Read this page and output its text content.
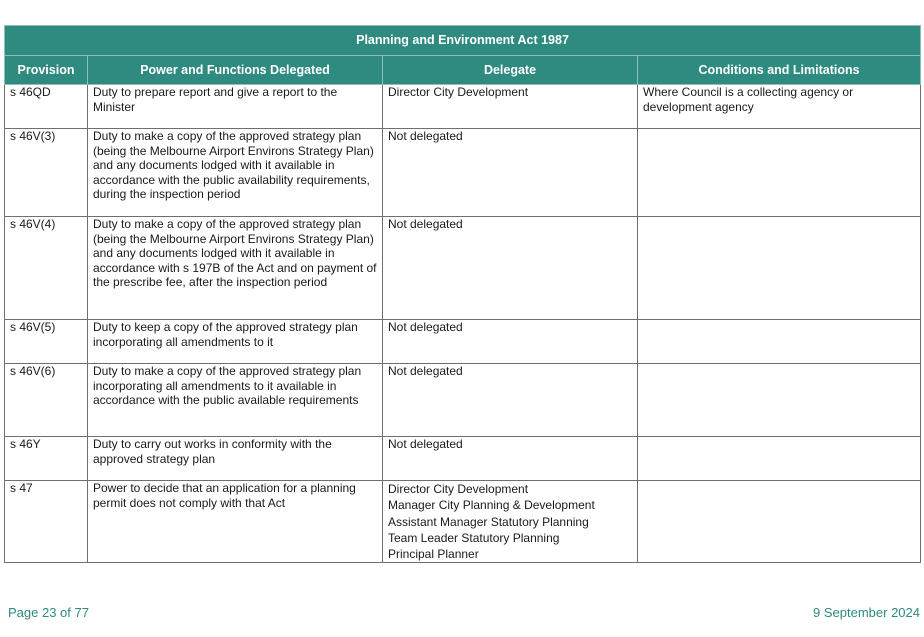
Planning and Environment Act 1987			
Provision	Power and Functions Delegated	Delegate	Conditions and Limitations
s 46QD	Duty to prepare report and give a report to the Minister	Director City Development	Where Council is a collecting agency or development agency
s 46V(3)	Duty to make a copy of the approved strategy plan (being the Melbourne Airport Environs Strategy Plan) and any documents lodged with it available in accordance with the public availability requirements, during the inspection period	Not delegated	

s 46V(4)	Duty to make a copy of the approved strategy plan (being the Melbourne Airport Environs Strategy Plan) and any documents lodged with it available in accordance with s 197B of the Act and on payment of the prescribe fee, after the inspection period	Not delegated	

s 46V(5)	Duty to keep a copy of the approved strategy plan incorporating all amendments to it	Not delegated	

s 46V(6)	Duty to make a copy of the approved strategy plan incorporating all amendments to it available in accordance with the public available requirements	Not delegated	

s 46Y	Duty to carry out works in conformity with the approved strategy plan	Not delegated	

s 47	Power to decide that an application for a planning permit does not comply with that Act	Director City Development
Manager City Planning & Development
Assistant Manager Statutory Planning
Team Leader Statutory Planning
Principal Planner	

Page 23 of 77	9 September 2024
